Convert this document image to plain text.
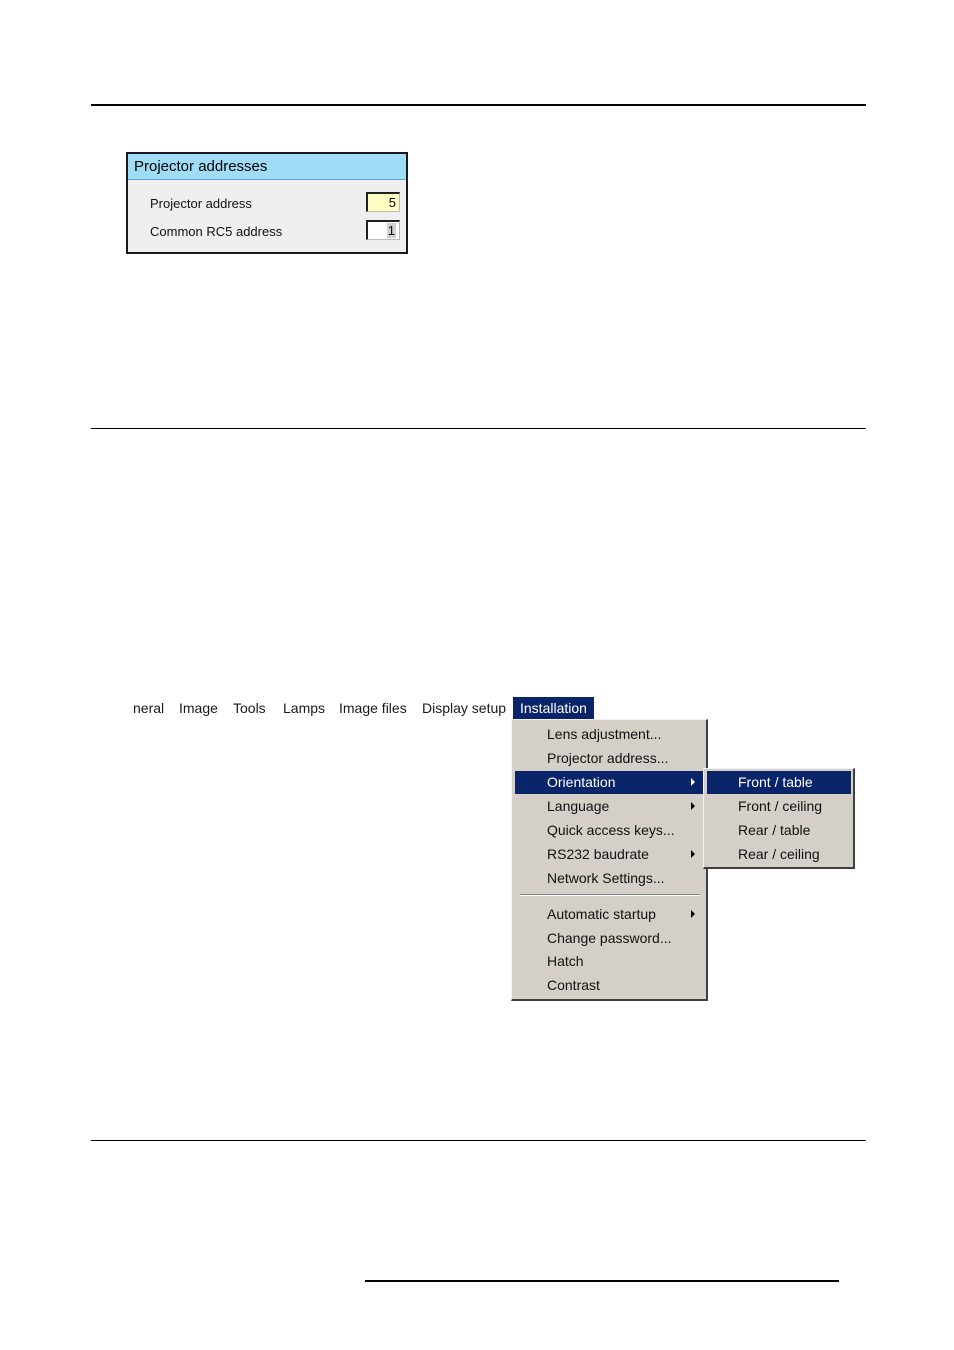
Projector addresses
Projector address	5
Common RC5 address	1
neral Image Tools Lamps Image files Display setup Installation
Lens adjustment...
Projector address...
Orientation
Language
Quick access keys...
RS232 baudrate
Network Settings...
Automatic startup
Change password...
Hatch
Contrast
Front / table
Front / ceiling
Rear / table
Rear / ceiling
